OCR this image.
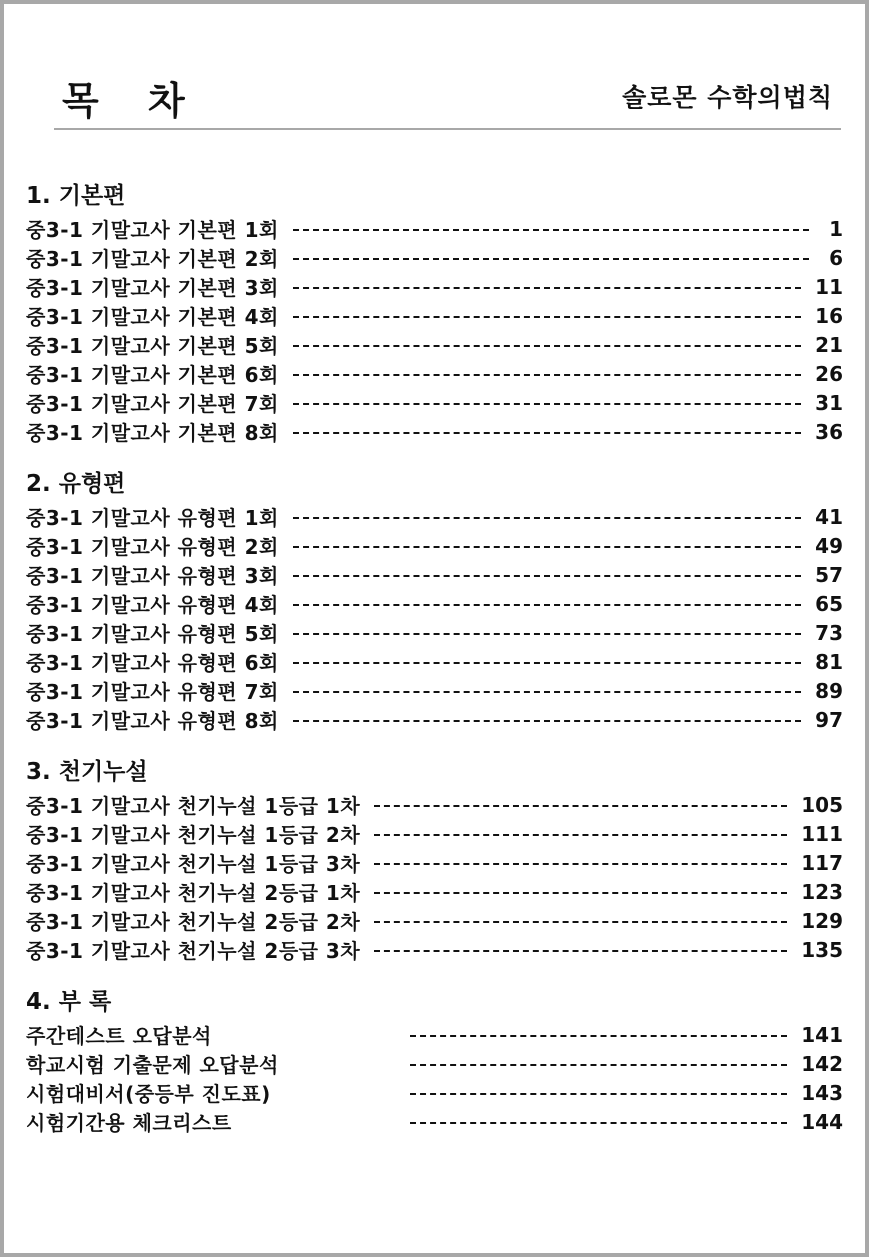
목 차	솔로몬 수학의법칙
1. 기본편
중3-1 기말고사 기본편 1회	1
중3-1 기말고사 기본편 2회	6
중3-1 기말고사 기본편 3회	11
중3-1 기말고사 기본편 4회	16
중3-1 기말고사 기본편 5회	21
중3-1 기말고사 기본편 6회	26
중3-1 기말고사 기본편 7회	31
중3-1 기말고사 기본편 8회	36
2. 유형편
중3-1 기말고사 유형편 1회	41
중3-1 기말고사 유형편 2회	49
중3-1 기말고사 유형편 3회	57
중3-1 기말고사 유형편 4회	65
중3-1 기말고사 유형편 5회	73
중3-1 기말고사 유형편 6회	81
중3-1 기말고사 유형편 7회	89
중3-1 기말고사 유형편 8회	97
3. 천기누설
중3-1 기말고사 천기누설 1등급 1차	105
중3-1 기말고사 천기누설 1등급 2차	111
중3-1 기말고사 천기누설 1등급 3차	117
중3-1 기말고사 천기누설 2등급 1차	123
중3-1 기말고사 천기누설 2등급 2차	129
중3-1 기말고사 천기누설 2등급 3차	135
4. 부 록
주간테스트 오답분석	141
학교시험 기출문제 오답분석	142
시험대비서(중등부 진도표)	143
시험기간용 체크리스트	144
